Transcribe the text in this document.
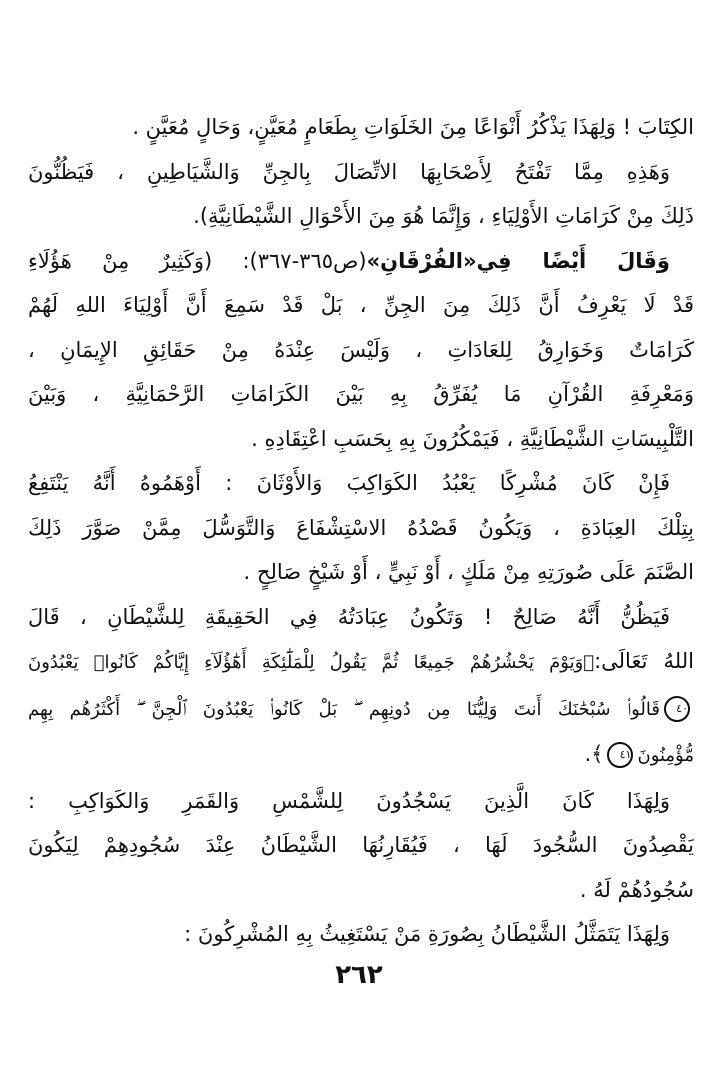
الكِتَابَ ! وَلِهَذَا يَذْكُرُ أَنْوَاعًا مِنَ الخَلَوَاتِ بِطَعَامٍ مُعَيَّنٍ، وَحَالٍ مُعَيَّنٍ .

وَهَذِهِ مِمَّا تَفْتَحُ لِأَصْحَابِهَا الاتِّصَالَ بِالجِنِّ وَالشَّيَاطِينِ ، فَيَظُنُّونَ
ذَلِكَ مِنْ كَرَامَاتِ الأَوْلِيَاءِ ، وَإِنَّمَا هُوَ مِنَ الأَحْوَالِ الشَّيْطَانِيَّةِ).

وَقَالَ أَيْضًا فِي«الفُرْقَانِ»(ص٣٦٥-٣٦٧): (وَكَثِيرٌ مِنْ هَؤُلَاءِ
قَدْ لَا يَعْرِفُ أَنَّ ذَلِكَ مِنَ الجِنِّ ، بَلْ قَدْ سَمِعَ أَنَّ أَوْلِيَاءَ اللهِ لَهُمْ
كَرَامَاتٌ وَخَوَارِقُ لِلعَادَاتِ ، وَلَيْسَ عِنْدَهُ مِنْ حَقَائِقِ الإِيمَانِ ،
وَمَعْرِفَةِ القُرْآنِ مَا يُفَرِّقُ بِهِ بَيْنَ الكَرَامَاتِ الرَّحْمَانِيَّةِ ، وَبَيْنَ
التَّلْبِيسَاتِ الشَّيْطَانِيَّةِ ، فَيَمْكُرُونَ بِهِ بِحَسَبِ اعْتِقَادِهِ .

فَإِنْ كَانَ مُشْرِكًا يَعْبُدُ الكَوَاكِبَ وَالأَوْثَانَ : أَوْهَمُوهُ أَنَّهُ يَنْتَفِعُ
بِتِلْكَ العِبَادَةِ ، وَيَكُونُ قَصْدُهُ الاسْتِشْفَاعَ وَالتَّوَسُّلَ مِمَّنْ صَوَّرَ ذَلِكَ
الصَّنَمَ عَلَى صُورَتِهِ مِنْ مَلَكٍ ، أَوْ نَبِيٍّ ، أَوْ شَيْخٍ صَالِحٍ .

فَيَظُنُّ أَنَّهُ صَالِحٌ ! وَتَكُونُ عِبَادَتُهُ فِي الحَقِيقَةِ لِلشَّيْطَانِ ، قَالَ
اللهُ تَعَالَى:﴿وَيَوْمَ يَحْشُرُهُمْ جَمِيعًا ثُمَّ يَقُولُ لِلْمَلَٰٓئِكَةِ أَهَٰٓؤُلَآءِ إِيَّاكُمْ كَانُوا۟ يَعْبُدُونَ
٤٠قَالُوا۟ سُبْحَٰنَكَ أَنتَ وَلِيُّنَا مِن دُونِهِم ۖ بَلْ كَانُوا۟ يَعْبُدُونَ ٱلْجِنَّ ۖ أَكْثَرُهُم بِهِم
مُّؤْمِنُونَ٤١﴾.

وَلِهَذَا كَانَ الَّذِينَ يَسْجُدُونَ لِلشَّمْسِ وَالقَمَرِ وَالكَوَاكِبِ :
يَقْصِدُونَ السُّجُودَ لَهَا ، فَيُقَارِنُهَا الشَّيْطَانُ عِنْدَ سُجُودِهِمْ لِيَكُونَ
سُجُودُهُمْ لَهُ .

وَلِهَذَا يَتَمَثَّلُ الشَّيْطَانُ بِصُورَةِ مَنْ يَسْتَغِيثُ بِهِ المُشْرِكُونَ :

٢٦٢
